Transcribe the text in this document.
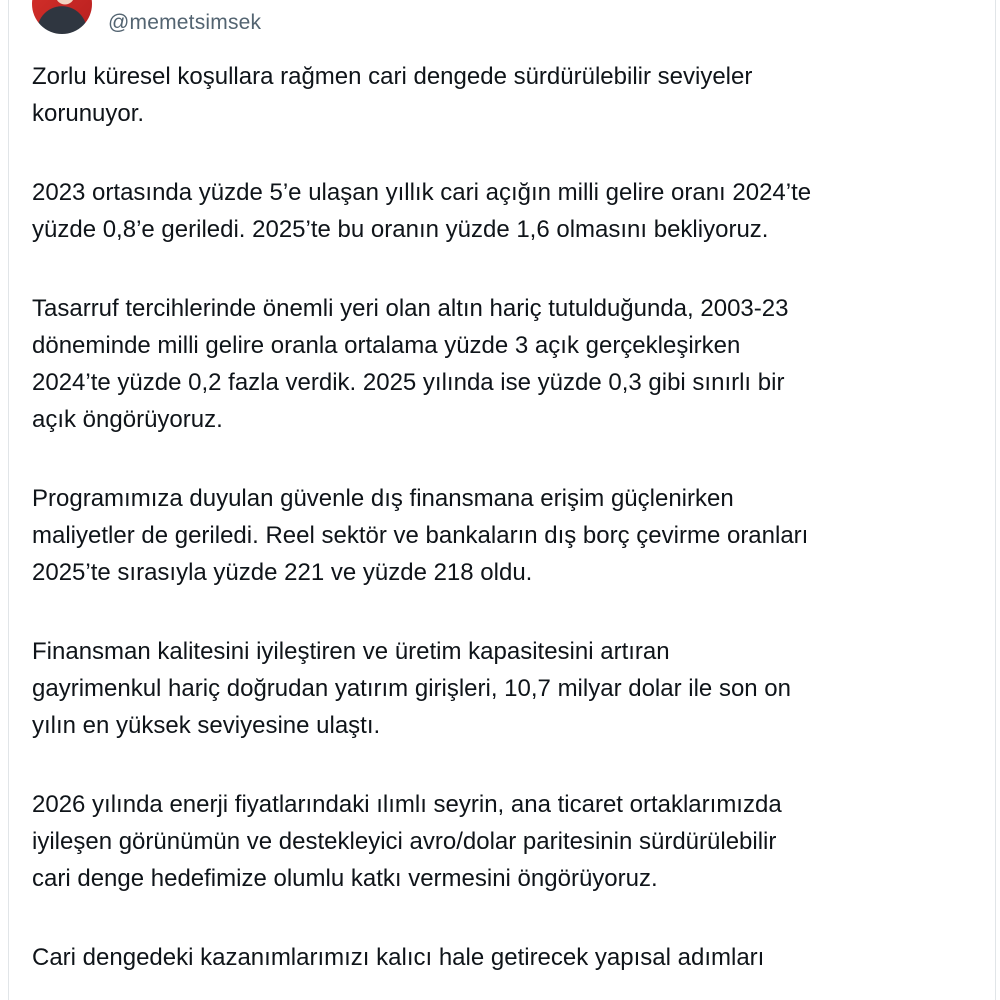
@memetsimsek

Zorlu küresel koşullara rağmen cari dengede sürdürülebilir seviyeler
korunuyor.

2023 ortasında yüzde 5’e ulaşan yıllık cari açığın milli gelire oranı 2024’te
yüzde 0,8’e geriledi. 2025’te bu oranın yüzde 1,6 olmasını bekliyoruz.

Tasarruf tercihlerinde önemli yeri olan altın hariç tutulduğunda, 2003-23
döneminde milli gelire oranla ortalama yüzde 3 açık gerçekleşirken
2024’te yüzde 0,2 fazla verdik. 2025 yılında ise yüzde 0,3 gibi sınırlı bir
açık öngörüyoruz.

Programımıza duyulan güvenle dış finansmana erişim güçlenirken
maliyetler de geriledi. Reel sektör ve bankaların dış borç çevirme oranları
2025’te sırasıyla yüzde 221 ve yüzde 218 oldu.

Finansman kalitesini iyileştiren ve üretim kapasitesini artıran
gayrimenkul hariç doğrudan yatırım girişleri, 10,7 milyar dolar ile son on
yılın en yüksek seviyesine ulaştı.

2026 yılında enerji fiyatlarındaki ılımlı seyrin, ana ticaret ortaklarımızda
iyileşen görünümün ve destekleyici avro/dolar paritesinin sürdürülebilir
cari denge hedefimize olumlu katkı vermesini öngörüyoruz.

Cari dengedeki kazanımlarımızı kalıcı hale getirecek yapısal adımları
